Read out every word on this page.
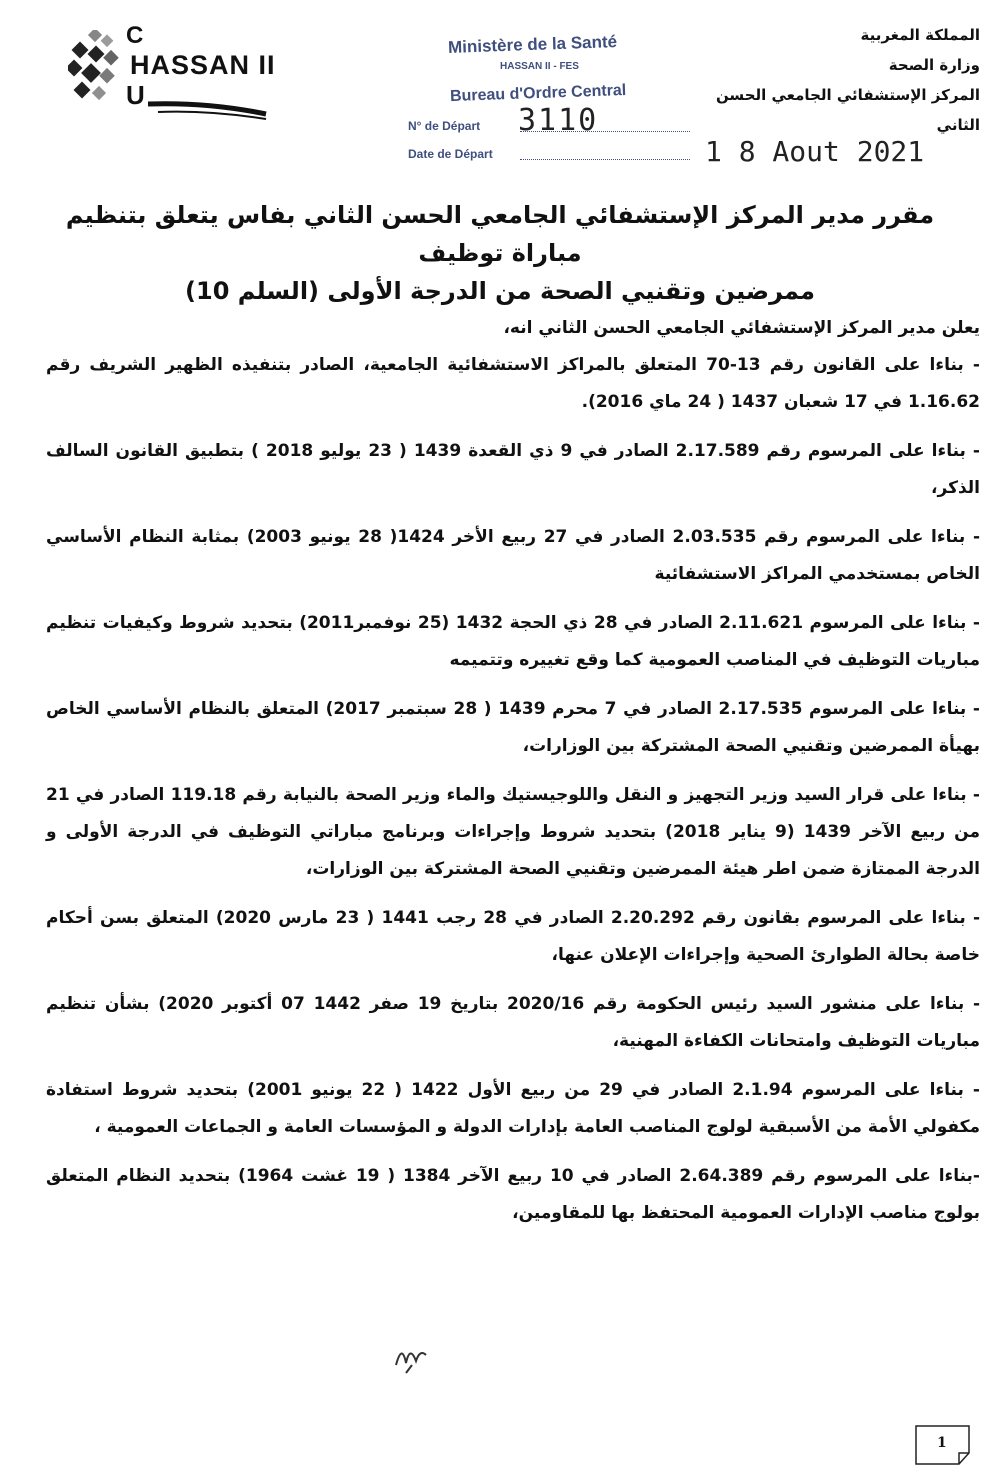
C
HASSAN II
U
المملكة المغربية
وزارة الصحة
المركز الإستشفائي الجامعي الحسن الثاني
Ministère de la Santé
HASSAN II - FES
Bureau d'Ordre Central
N° de Départ 3110
Date de Départ	1 8 Aout 2021
مقرر مدير المركز الإستشفائي الجامعي الحسن الثاني بفاس يتعلق بتنظيم مباراة توظيف
ممرضين وتقنيي الصحة من الدرجة الأولى (السلم 10)

يعلن مدير المركز الإستشفائي الجامعي الحسن الثاني انه،

- بناءا على القانون رقم 13-70 المتعلق بالمراكز الاستشفائية الجامعية، الصادر بتنفيذه الظهير الشريف رقم 1.16.62 في 17 شعبان 1437 ( 24 ماي 2016).

- بناءا على المرسوم رقم 2.17.589 الصادر في 9 ذي القعدة 1439 ( 23 يوليو 2018 ) بتطبيق القانون السالف الذكر،

- بناءا على المرسوم رقم 2.03.535 الصادر في 27 ربيع الأخر 1424( 28 يونيو 2003) بمثابة النظام الأساسي الخاص بمستخدمي المراكز الاستشفائية

- بناءا على المرسوم 2.11.621 الصادر في 28 ذي الحجة 1432 (25 نوفمبر2011) بتحديد شروط وكيفيات تنظيم مباريات التوظيف في المناصب العمومية كما وقع تغييره وتتميمه

- بناءا على المرسوم 2.17.535 الصادر في 7 محرم 1439 ( 28 سبتمبر 2017) المتعلق بالنظام الأساسي الخاص بهيأة الممرضين وتقنيي الصحة المشتركة بين الوزارات،

- بناءا على قرار السيد وزير التجهيز و النقل واللوجيستيك والماء وزير الصحة بالنيابة رقم 119.18 الصادر في 21 من ربيع الآخر 1439 (9 يناير 2018) بتحديد شروط وإجراءات وبرنامج مباراتي التوظيف في الدرجة الأولى و الدرجة الممتازة ضمن اطر هيئة الممرضين وتقنيي الصحة المشتركة بين الوزارات،

- بناءا على المرسوم بقانون رقم 2.20.292 الصادر في 28 رجب 1441 ( 23 مارس 2020) المتعلق بسن أحكام خاصة بحالة الطوارئ الصحية وإجراءات الإعلان عنها،

- بناءا على منشور السيد رئيس الحكومة رقم 2020/16 بتاريخ 19 صفر 1442 07 أكتوبر 2020) بشأن تنظيم مباريات التوظيف وامتحانات الكفاءة المهنية،

- بناءا على المرسوم 2.1.94 الصادر في 29 من ربيع الأول 1422 ( 22 يونيو 2001) بتحديد شروط استفادة مكفولي الأمة من الأسبقية لولوج المناصب العامة بإدارات الدولة و المؤسسات العامة و الجماعات العمومية ،

-بناءا على المرسوم رقم 2.64.389 الصادر في 10 ربيع الآخر 1384 ( 19 غشت 1964) بتحديد النظام المتعلق بولوج مناصب الإدارات العمومية المحتفظ بها للمقاومين،

1
